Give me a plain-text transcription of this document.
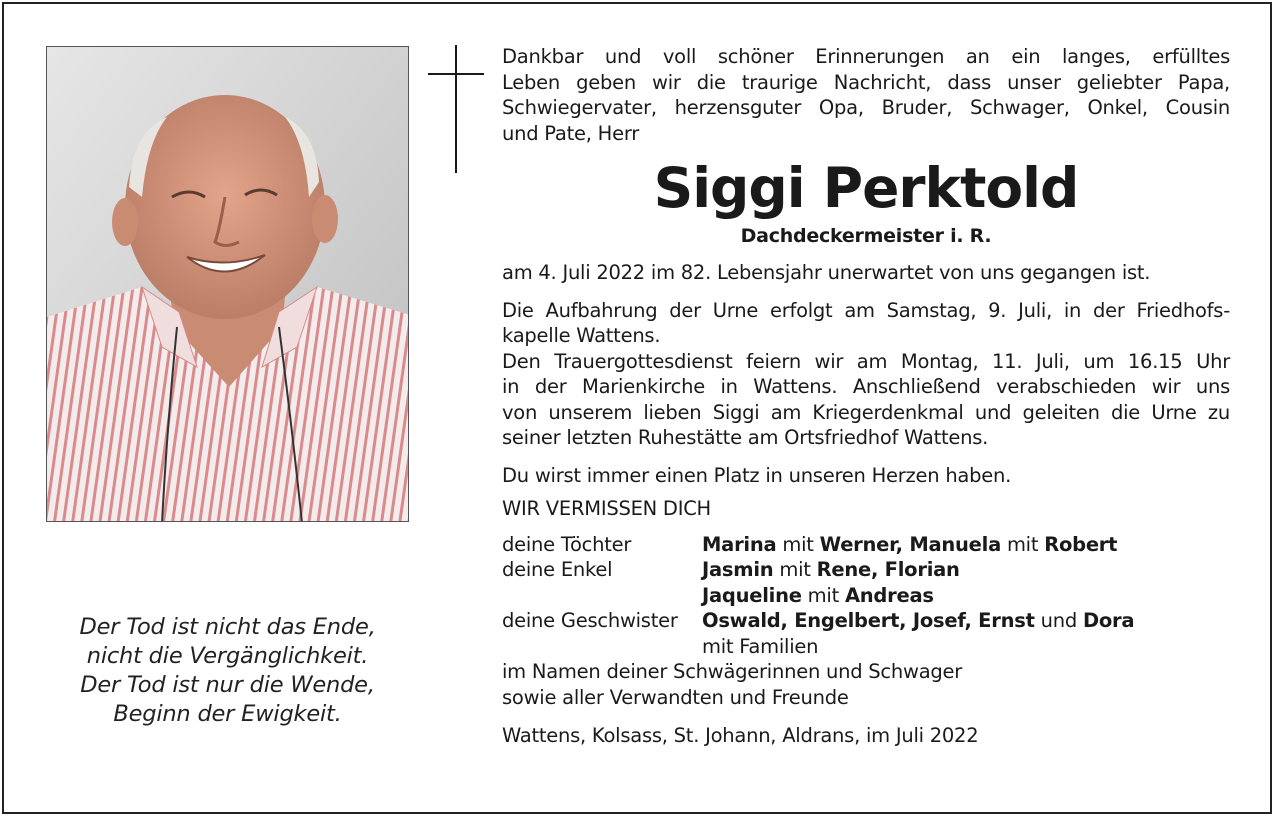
Der Tod ist nicht das Ende,
nicht die Vergänglichkeit.
Der Tod ist nur die Wende,
Beginn der Ewigkeit.
Dankbar und voll schöner Erinnerungen an ein langes, erfülltes
Leben geben wir die traurige Nachricht, dass unser geliebter Papa,
Schwiegervater, herzensguter Opa, Bruder, Schwager, Onkel, Cousin
und Pate, Herr
Siggi Perktold
Dachdeckermeister i. R.
am 4. Juli 2022 im 82. Lebensjahr unerwartet von uns gegangen ist.
Die Aufbahrung der Urne erfolgt am Samstag, 9. Juli, in der Friedhofs-
kapelle Wattens.
Den Trauergottesdienst feiern wir am Montag, 11. Juli, um 16.15 Uhr
in der Marienkirche in Wattens. Anschließend verabschieden wir uns
von unserem lieben Siggi am Kriegerdenkmal und geleiten die Urne zu
seiner letzten Ruhestätte am Ortsfriedhof Wattens.
Du wirst immer einen Platz in unseren Herzen haben.
WIR VERMISSEN DICH
deine Töchter	Marina mit Werner, Manuela mit Robert
deine Enkel	Jasmin mit Rene, Florian
Jaqueline mit Andreas
deine Geschwister	Oswald, Engelbert, Josef, Ernst und Dora
mit Familien
im Namen deiner Schwägerinnen und Schwager
sowie aller Verwandten und Freunde
Wattens, Kolsass, St. Johann, Aldrans, im Juli 2022
